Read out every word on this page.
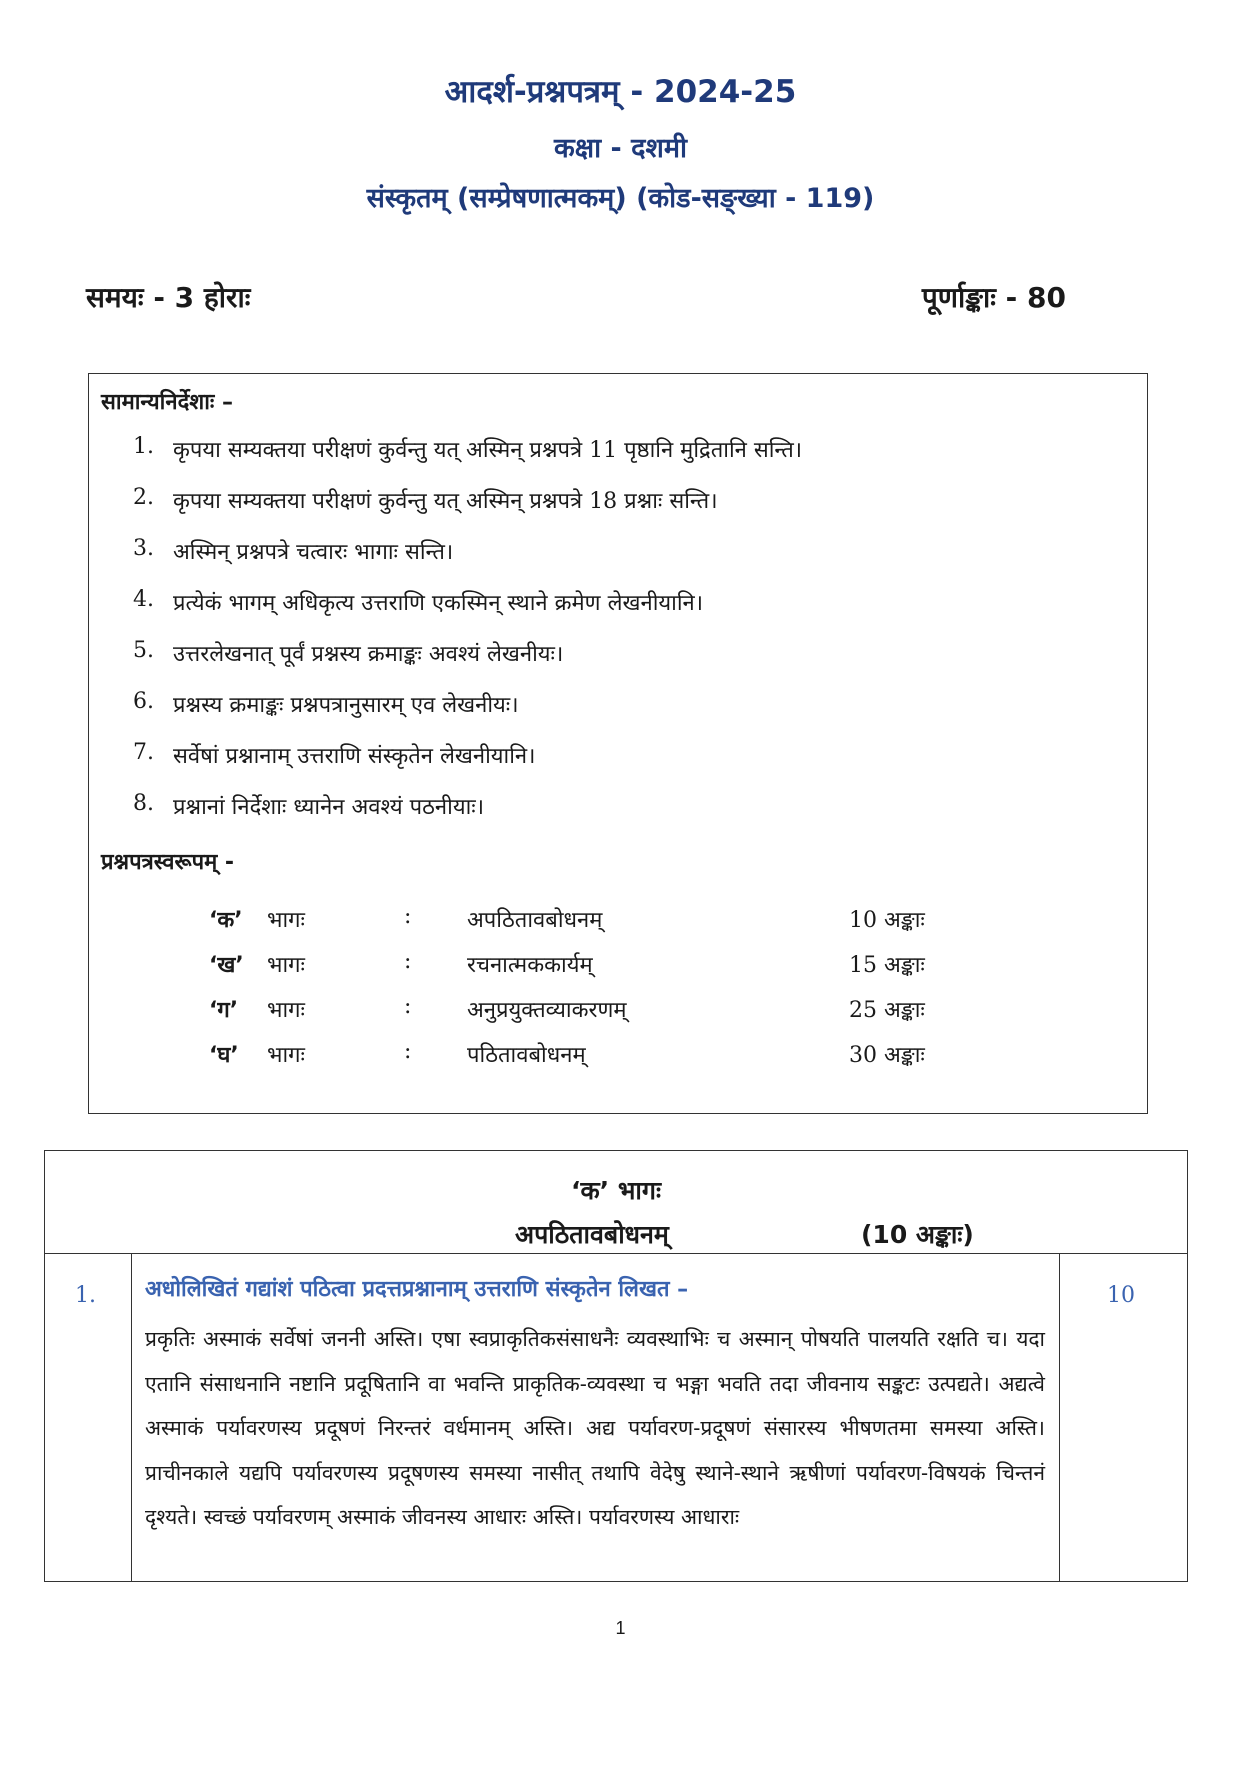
आदर्श-प्रश्नपत्रम् - 2024-25
कक्षा - दशमी
संस्कृतम् (सम्प्रेषणात्मकम्) (कोड-सङ्ख्या - 119)
समयः - 3 होराः	पूर्णाङ्काः - 80
सामान्यनिर्देशाः –
1. कृपया सम्यक्तया परीक्षणं कुर्वन्तु यत् अस्मिन् प्रश्नपत्रे 11 पृष्ठानि मुद्रितानि सन्ति।
2. कृपया सम्यक्तया परीक्षणं कुर्वन्तु यत् अस्मिन् प्रश्नपत्रे 18 प्रश्नाः सन्ति।
3. अस्मिन् प्रश्नपत्रे चत्वारः भागाः सन्ति।
4. प्रत्येकं भागम् अधिकृत्य उत्तराणि एकस्मिन् स्थाने क्रमेण लेखनीयानि।
5. उत्तरलेखनात् पूर्वं प्रश्नस्य क्रमाङ्कः अवश्यं लेखनीयः।
6. प्रश्नस्य क्रमाङ्कः प्रश्नपत्रानुसारम् एव लेखनीयः।
7. सर्वेषां प्रश्नानाम् उत्तराणि संस्कृतेन लेखनीयानि।
8. प्रश्नानां निर्देशाः ध्यानेन अवश्यं पठनीयाः।
प्रश्नपत्रस्वरूपम् -
‘क’ भागः	:	अपठितावबोधनम्	10 अङ्काः
‘ख’ भागः	:	रचनात्मककार्यम्	15 अङ्काः
‘ग’ भागः	:	अनुप्रयुक्तव्याकरणम्	25 अङ्काः
‘घ’ भागः	:	पठितावबोधनम्	30 अङ्काः
‘क’ भागः
अपठितावबोधनम्	(10 अङ्काः)
1. अधोलिखितं गद्यांशं पठित्वा प्रदत्तप्रश्नानाम् उत्तराणि संस्कृतेन लिखत –
प्रकृतिः अस्माकं सर्वेषां जननी अस्ति। एषा स्वप्राकृतिकसंसाधनैः व्यवस्थाभिः च अस्मान् पोषयति पालयति रक्षति च। यदा एतानि संसाधनानि नष्टानि प्रदूषितानि वा भवन्ति प्राकृतिक-व्यवस्था च भङ्गा भवति तदा जीवनाय सङ्कटः उत्पद्यते। अद्यत्वे अस्माकं पर्यावरणस्य प्रदूषणं निरन्तरं वर्धमानम् अस्ति। अद्य पर्यावरण-प्रदूषणं संसारस्य भीषणतमा समस्या अस्ति। प्राचीनकाले यद्यपि पर्यावरणस्य प्रदूषणस्य समस्या नासीत् तथापि वेदेषु स्थाने-स्थाने ऋषीणां पर्यावरण-विषयकं चिन्तनं दृश्यते। स्वच्छं पर्यावरणम् अस्माकं जीवनस्य आधारः अस्ति। पर्यावरणस्य आधाराः
10
1
